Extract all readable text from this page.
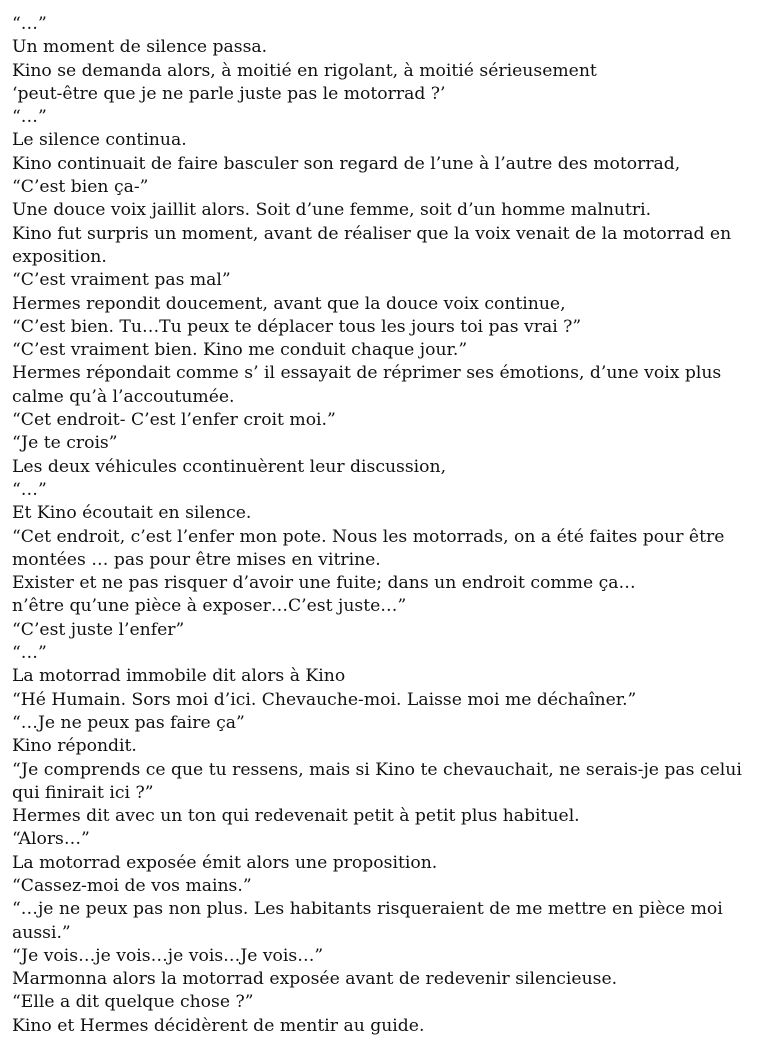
“…”

Un moment de silence passa.

Kino se demanda alors, à moitié en rigolant, à moitié sérieusement

‘peut-être que je ne parle juste pas le motorrad ?’

“…”

Le silence continua.

Kino continuait de faire basculer son regard de l’une à l’autre des motorrad,

“C’est bien ça-”

Une douce voix jaillit alors. Soit d’une femme, soit d’un homme malnutri.

Kino fut surpris un moment, avant de réaliser que la voix venait de la motorrad en exposition.

“C’est vraiment pas mal”

Hermes repondit doucement, avant que la douce voix continue,

“C’est bien. Tu…Tu peux te déplacer tous les jours toi pas vrai ?”

“C’est vraiment bien. Kino me conduit chaque jour.”

Hermes répondait comme s’ il essayait de réprimer ses émotions, d’une voix plus calme qu’à l’accoutumée.

“Cet endroit- C’est l’enfer croit moi.”

“Je te crois”

Les deux véhicules ccontinuèrent leur discussion,

“…”

Et Kino écoutait en silence.

“Cet endroit, c’est l’enfer mon pote. Nous les motorrads, on a été faites pour être montées … pas pour être mises en vitrine.

Exister et ne pas risquer d’avoir une fuite; dans un endroit comme ça…

n’être qu’une pièce à exposer…C’est juste…”

“C’est juste l’enfer”

“…”

La motorrad immobile dit alors à Kino

“Hé Humain. Sors moi d’ici. Chevauche-moi. Laisse moi me déchaîner.”

“…Je ne peux pas faire ça”

Kino répondit.

“Je comprends ce que tu ressens, mais si Kino te chevauchait, ne serais-je pas celui qui finirait ici ?”

Hermes dit avec un ton qui redevenait petit à petit plus habituel.

“Alors…”

La motorrad exposée émit alors une proposition.

“Cassez-moi de vos mains.”

“…je ne peux pas non plus. Les habitants risqueraient de me mettre en pièce moi aussi.”

“Je vois…je vois…je vois…Je vois…”

Marmonna alors la motorrad exposée avant de redevenir silencieuse.

“Elle a dit quelque chose ?”

Kino et Hermes décidèrent de mentir au guide.
